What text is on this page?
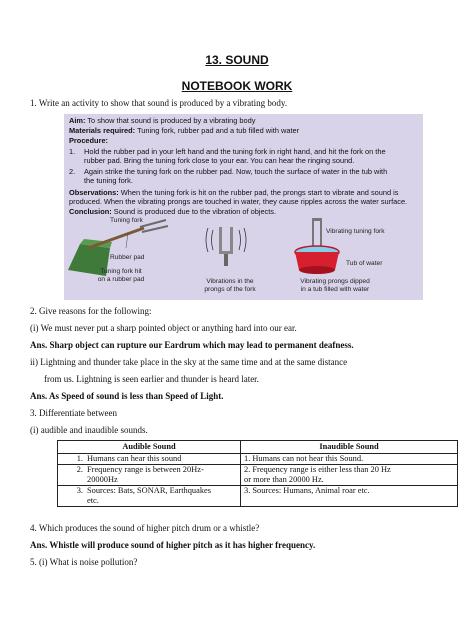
13. SOUND
NOTEBOOK WORK
1. Write an activity to show that sound is produced by a vibrating body.
Aim: To show that sound is produced by a vibrating body
Materials required: Tuning fork, rubber pad and a tub filled with water
Procedure:
1. Hold the rubber pad in your left hand and the tuning fork in right hand, and hit the fork on the
rubber pad. Bring the tuning fork close to your ear. You can hear the ringing sound.
2. Again strike the tuning fork on the rubber pad. Now, touch the surface of water in the tub with
the tuning fork.
Observations: When the tuning fork is hit on the rubber pad, the prongs start to vibrate and sound is
produced. When the vibrating prongs are touched in water, they cause ripples across the water surface.
Conclusion: Sound is produced due to the vibration of objects.
Tuning fork
Rubber pad
Tuning fork hit
on a rubber pad	Vibrations in the
prongs of the fork
Vibrating tuning fork
Tub of water
Vibrating prongs dipped
in a tub filled with water
2. Give reasons for the following:
(i) We must never put a sharp pointed object or anything hard into our ear.
Ans. Sharp object can rupture our Eardrum which may lead to permanent deafness.
ii) Lightning and thunder take place in the sky at the same time and at the same distance
from us. Lightning is seen earlier and thunder is heard later.
Ans. As Speed of sound is less than Speed of Light.
3. Differentiate between
(i) audible and inaudible sounds.
Audible Sound	Inaudible Sound
1. Humans can hear this sound	1. Humans can not hear this Sound.
2. Frequency range is between 20Hz-
20000Hz	2. Frequency range is either less than 20 Hz
or more than 20000 Hz.
3. Sources: Bats, SONAR, Earthquakes
etc.	3. Sources: Humans, Animal roar etc.
4. Which produces the sound of higher pitch drum or a whistle?
Ans. Whistle will produce sound of higher pitch as it has higher frequency.
5. (i) What is noise pollution?
